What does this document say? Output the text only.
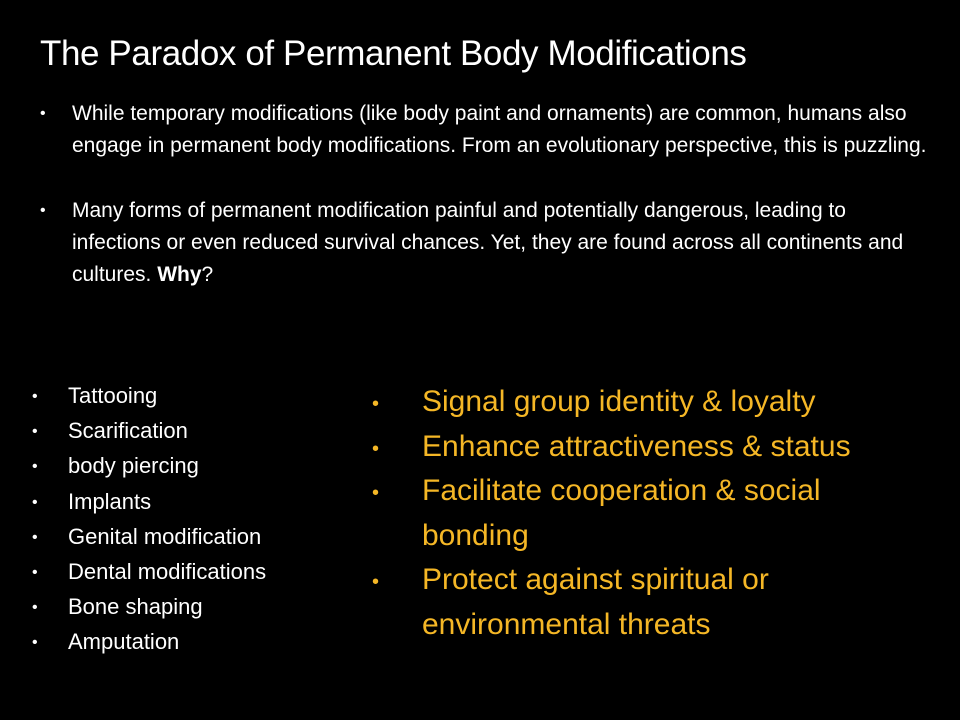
The Paradox of Permanent Body Modifications
• While temporary modifications (like body paint and ornaments) are common, humans also engage in permanent body modifications. From an evolutionary perspective, this is puzzling.
• Many forms of permanent modification painful and potentially dangerous, leading to infections or even reduced survival chances. Yet, they are found across all continents and cultures. Why?
• Tattooing
• Scarification
• body piercing
• Implants
• Genital modification
• Dental modifications
• Bone shaping
• Amputation
• Signal group identity & loyalty
• Enhance attractiveness & status
• Facilitate cooperation & social bonding
• Protect against spiritual or environmental threats
